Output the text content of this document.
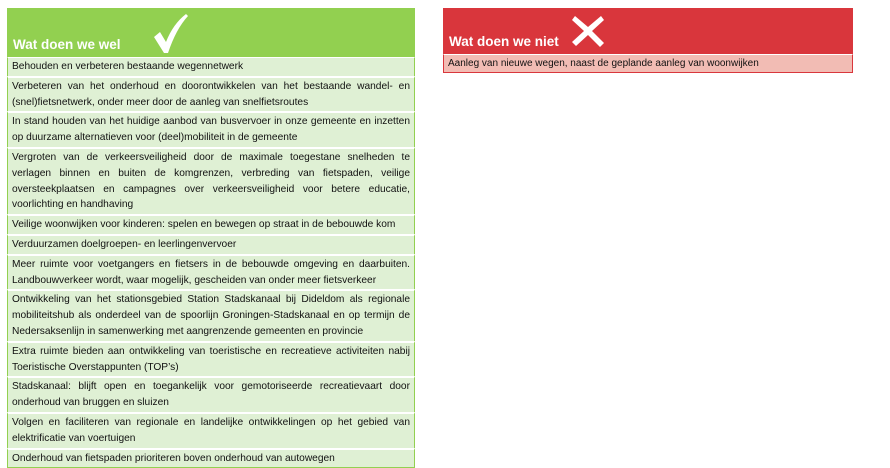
Wat doen we wel
Behouden en verbeteren bestaande wegennetwerk
Verbeteren van het onderhoud en doorontwikkelen van het bestaande wandel- en (snel)fietsnetwerk, onder meer door de aanleg van snelfietsroutes
In stand houden van het huidige aanbod van busvervoer in onze gemeente en inzetten op duurzame alternatieven voor (deel)mobiliteit in de gemeente
Vergroten van de verkeersveiligheid door de maximale toegestane snelheden te verlagen binnen en buiten de komgrenzen, verbreding van fietspaden, veilige oversteekplaatsen en campagnes over verkeersveiligheid voor betere educatie, voorlichting en handhaving
Veilige woonwijken voor kinderen: spelen en bewegen op straat in de bebouwde kom
Verduurzamen doelgroepen- en leerlingenvervoer
Meer ruimte voor voetgangers en fietsers in de bebouwde omgeving en daarbuiten. Landbouwverkeer wordt, waar mogelijk, gescheiden van onder meer fietsverkeer
Ontwikkeling van het stationsgebied Station Stadskanaal bij Dideldom als regionale mobiliteitshub als onderdeel van de spoorlijn Groningen-Stadskanaal en op termijn de Nedersaksenlijn in samenwerking met aangrenzende gemeenten en provincie
Extra ruimte bieden aan ontwikkeling van toeristische en recreatieve activiteiten nabij Toeristische Overstappunten (TOP’s)
Stadskanaal: blijft open en toegankelijk voor gemotoriseerde recreatievaart door onderhoud van bruggen en sluizen
Volgen en faciliteren van regionale en landelijke ontwikkelingen op het gebied van elektrificatie van voertuigen
Onderhoud van fietspaden prioriteren boven onderhoud van autowegen
Wat doen we niet
Aanleg van nieuwe wegen, naast de geplande aanleg van woonwijken
